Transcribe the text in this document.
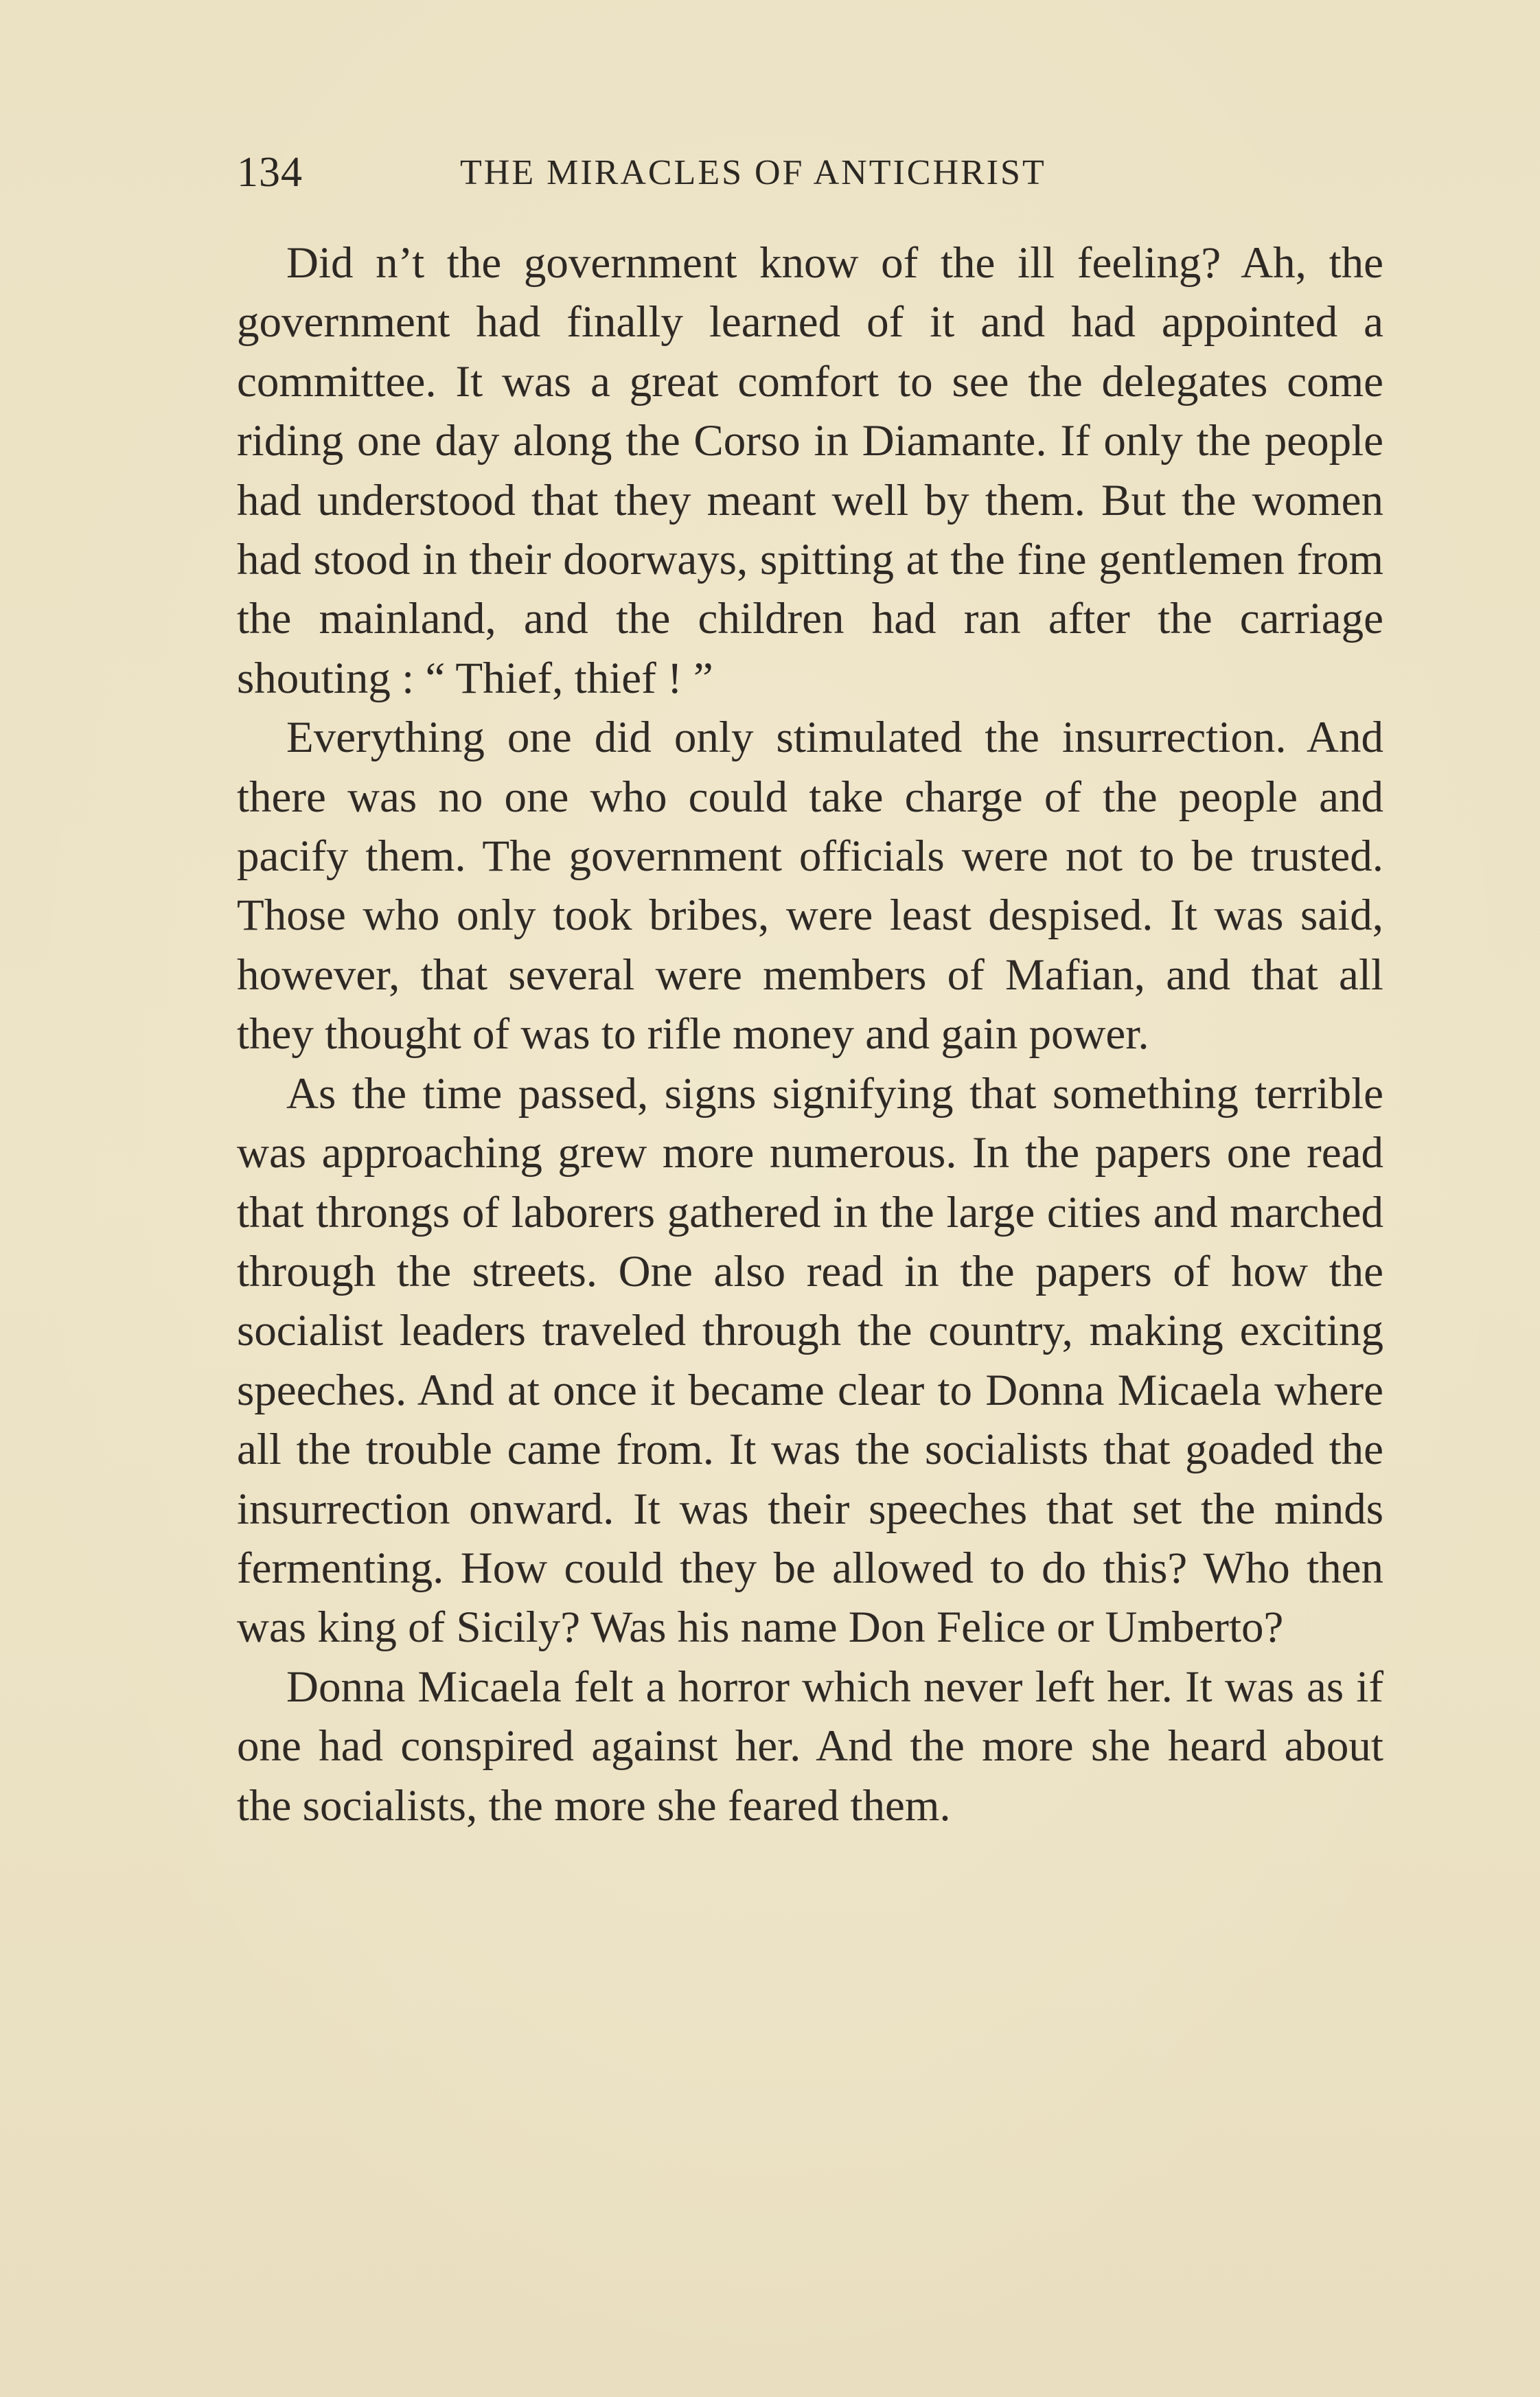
134	THE MIRACLES OF ANTICHRIST

Did n’t the government know of the ill feeling? Ah, the government had finally learned of it and had appointed a committee. It was a great comfort to see the delegates come riding one day along the Corso in Diamante. If only the people had understood that they meant well by them. But the women had stood in their doorways, spitting at the fine gentlemen from the mainland, and the children had ran after the carriage shouting : “ Thief, thief ! ”

Everything one did only stimulated the insurrection. And there was no one who could take charge of the people and pacify them. The government officials were not to be trusted. Those who only took bribes, were least despised. It was said, however, that several were members of Mafian, and that all they thought of was to rifle money and gain power.

As the time passed, signs signifying that something terrible was approaching grew more numerous. In the papers one read that throngs of laborers gathered in the large cities and marched through the streets. One also read in the papers of how the socialist leaders traveled through the country, making exciting speeches. And at once it became clear to Donna Micaela where all the trouble came from. It was the socialists that goaded the insurrection onward. It was their speeches that set the minds fermenting. How could they be allowed to do this? Who then was king of Sicily? Was his name Don Felice or Umberto?

Donna Micaela felt a horror which never left her. It was as if one had conspired against her. And the more she heard about the socialists, the more she feared them.
